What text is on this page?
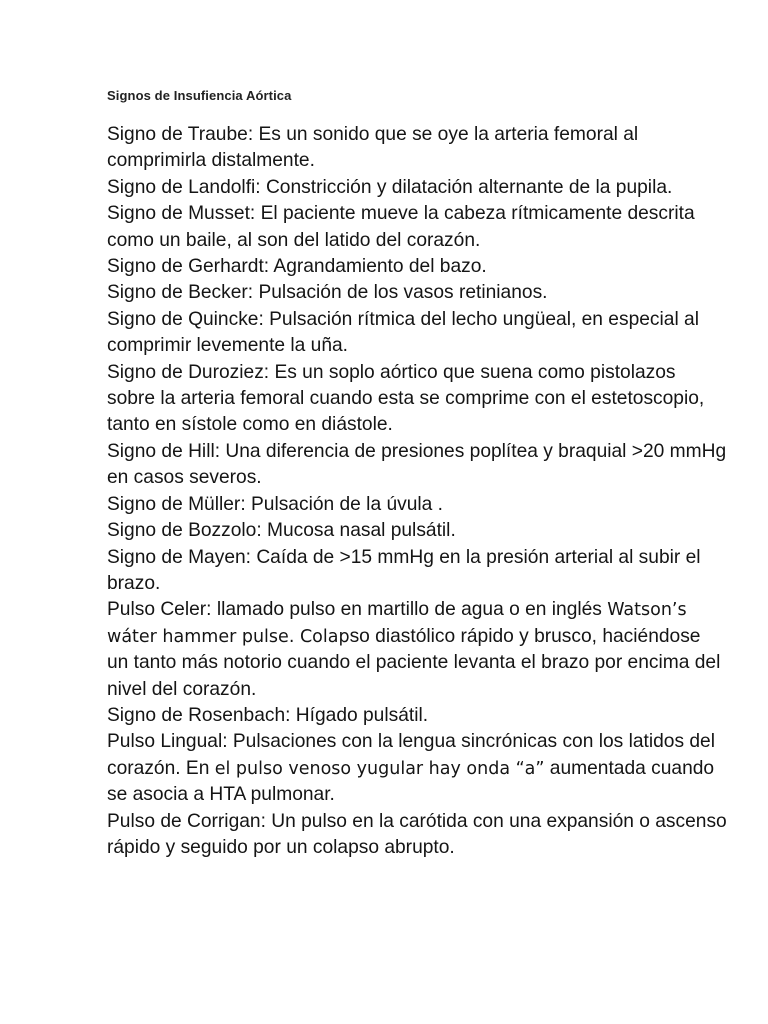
Signos de Insufiencia Aórtica

Signo de Traube: Es un sonido que se oye la arteria femoral al comprimirla distalmente.

Signo de Landolfi: Constricción y dilatación alternante de la pupila.

Signo de Musset: El paciente mueve la cabeza rítmicamente descrita como un baile, al son del latido del corazón.

Signo de Gerhardt: Agrandamiento del bazo.

Signo de Becker: Pulsación de los vasos retinianos.

Signo de Quincke: Pulsación rítmica del lecho ungüeal, en especial al comprimir levemente la uña.

Signo de Duroziez: Es un soplo aórtico que suena como pistolazos sobre la arteria femoral cuando esta se comprime con el estetoscopio, tanto en sístole como en diástole.

Signo de Hill: Una diferencia de presiones poplítea y braquial >20 mmHg en casos severos.

Signo de Müller: Pulsación de la úvula .

Signo de Bozzolo: Mucosa nasal pulsátil.

Signo de Mayen: Caída de >15 mmHg en la presión arterial al subir el brazo.

Pulso Celer: llamado pulso en martillo de agua o en inglés Watson’s wáter hammer pulse. Colapso diastólico rápido y brusco, haciéndose un tanto más notorio cuando el paciente levanta el brazo por encima del nivel del corazón.

Signo de Rosenbach: Hígado pulsátil.

Pulso Lingual: Pulsaciones con la lengua sincrónicas con los latidos del corazón. En el pulso venoso yugular hay onda “a” aumentada cuando se asocia a HTA pulmonar.

Pulso de Corrigan: Un pulso en la carótida con una expansión o ascenso rápido y seguido por un colapso abrupto.
